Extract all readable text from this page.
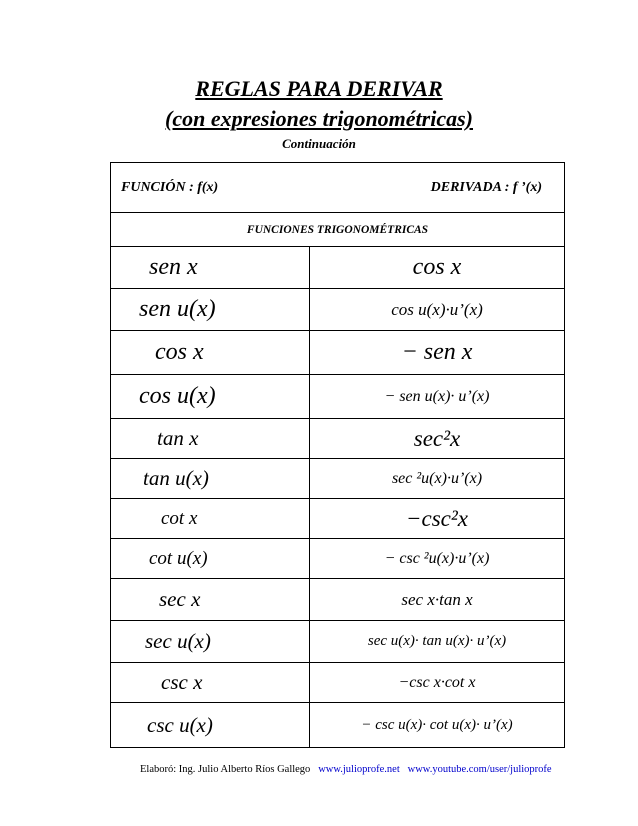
REGLAS PARA DERIVAR
(con expresiones trigonométricas)
Continuación
FUNCIÓN : f(x)	DERIVADA : f ’(x)
FUNCIONES TRIGONOMÉTRICAS
sen x	cos x
sen u(x)	cos u(x)·u’(x)
cos x	− sen x
cos u(x)	− sen u(x)· u’(x)
tan x	sec²x
tan u(x)	sec ²u(x)·u’(x)
cot x	−csc²x
cot u(x)	− csc ²u(x)·u’(x)
sec x	sec x·tan x
sec u(x)	sec u(x)· tan u(x)· u’(x)
csc x	−csc x·cot x
csc u(x)	− csc u(x)· cot u(x)· u’(x)
Elaboró: Ing. Julio Alberto Ríos Gallego www.julioprofe.net www.youtube.com/user/julioprofe
